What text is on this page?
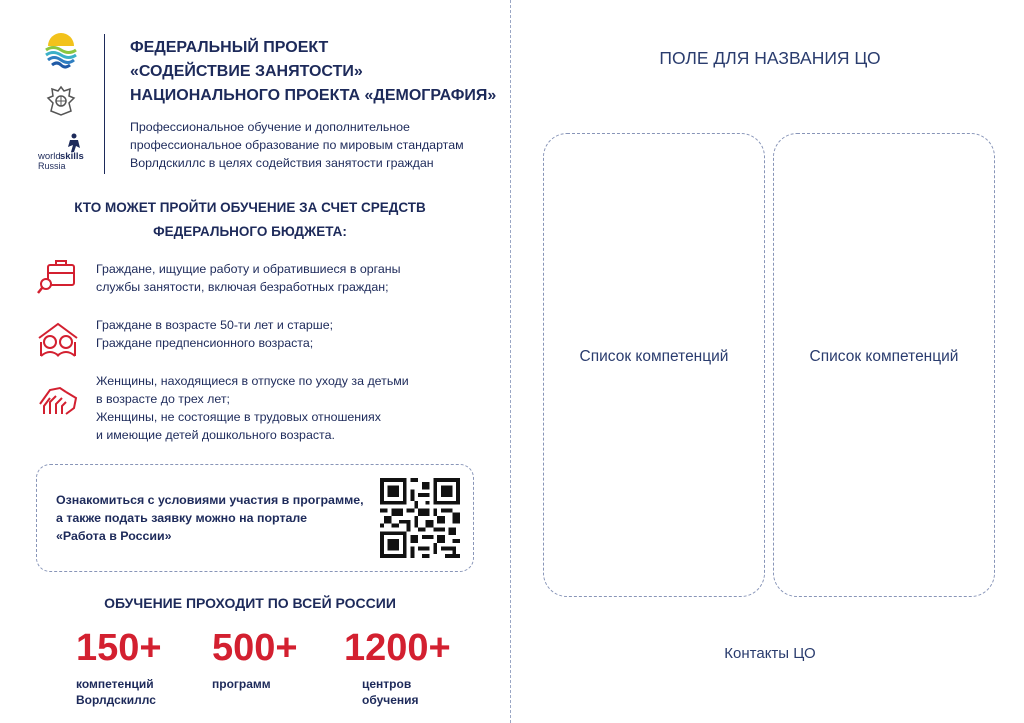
world skills
Russia
ФЕДЕРАЛЬНЫЙ ПРОЕКТ
«СОДЕЙСТВИЕ ЗАНЯТОСТИ»
НАЦИОНАЛЬНОГО ПРОЕКТА «ДЕМОГРАФИЯ»
Профессиональное обучение и дополнительное
профессиональное образование по мировым стандартам
Ворлдскиллс в целях содействия занятости граждан
КТО МОЖЕТ ПРОЙТИ ОБУЧЕНИЕ ЗА СЧЕТ СРЕДСТВ
ФЕДЕРАЛЬНОГО БЮДЖЕТА:
Граждане, ищущие работу и обратившиеся в органы
службы занятости, включая безработных граждан;
Граждане в возрасте 50-ти лет и старше;
Граждане предпенсионного возраста;
Женщины, находящиеся в отпуске по уходу за детьми
в возрасте до трех лет;
Женщины, не состоящие в трудовых отношениях
и имеющие детей дошкольного возраста.
Ознакомиться с условиями участия в программе,
а также подать заявку можно на портале
«Работа в России»
ОБУЧЕНИЕ ПРОХОДИТ ПО ВСЕЙ РОССИИ
150+
компетенций
Ворлдскиллс
500+
программ
1200+
центров
обучения
ПОЛЕ ДЛЯ НАЗВАНИЯ ЦО
Список компетенций	Список компетенций
Контакты ЦО
